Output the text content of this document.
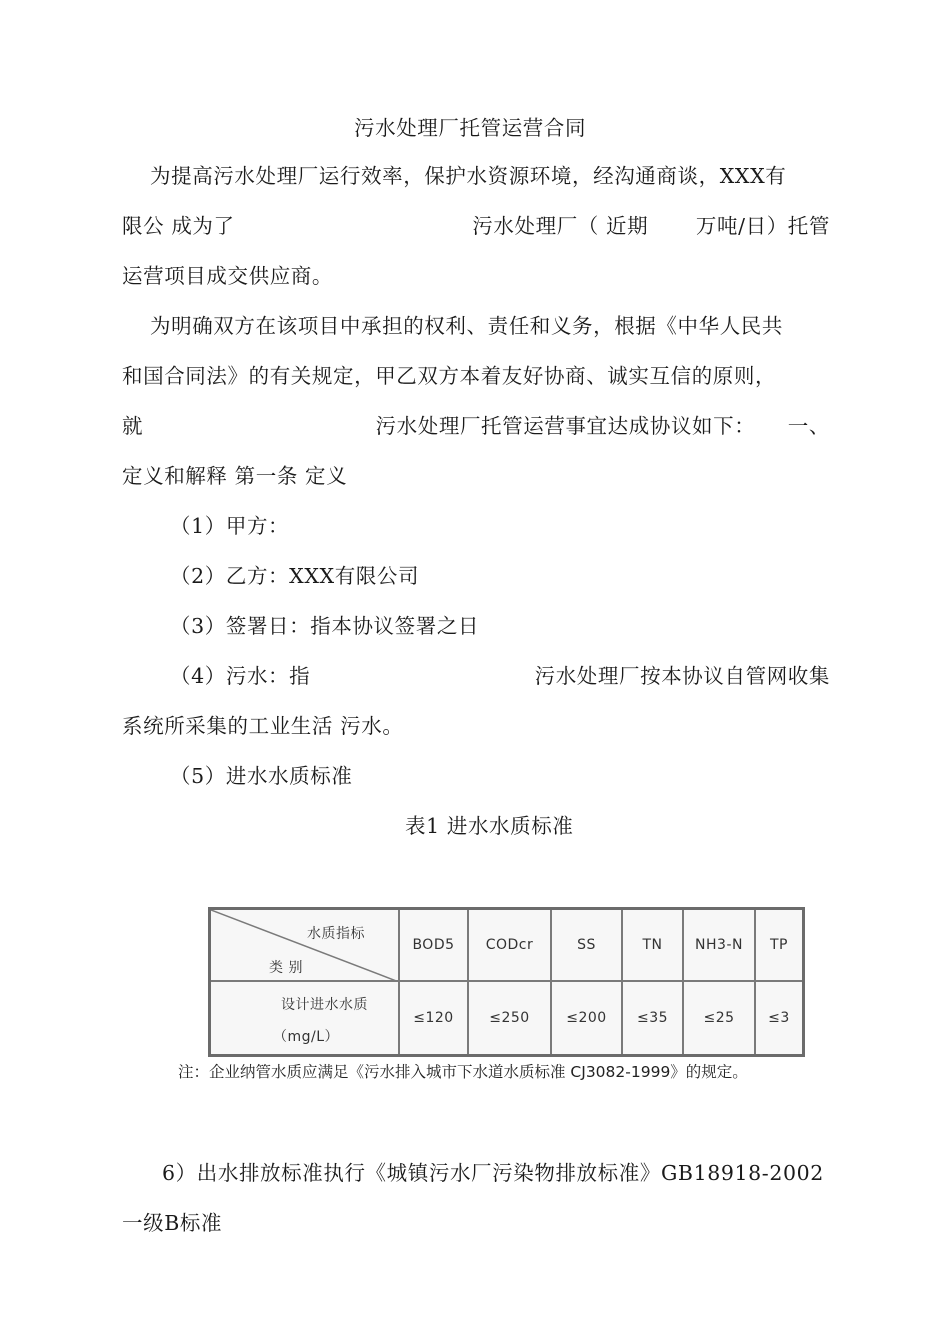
污水处理厂托管运营合同
为提高污水处理厂运行效率，保护水资源环境，经沟通商谈，XXX有
限公 成为了	污水处理厂（ 近期 万吨/日）托管
运营项目成交供应商。
为明确双方在该项目中承担的权利、责任和义务，根据《中华人民共
和国合同法》的有关规定，甲乙双方本着友好协商、诚实互信的原则，
就	污水处理厂托管运营事宜达成协议如下： 一、
定义和解释 第一条 定义
（1）甲方：
（2）乙方：XXX有限公司
（3）签署日：指本协议签署之日
（4）污水：指	污水处理厂按本协议自管网收集
系统所采集的工业生活 污水。
（5）进水水质标准
表1 进水水质标准
水质指标
类 别
BOD5	CODcr	SS	TN	NH3-N	TP
设计进水水质
（mg/L）
≤120	≤250	≤200	≤35	≤25	≤3
注：企业纳管水质应满足《污水排入城市下水道水质标准 CJ3082-1999》的规定。
6）出水排放标准执行《城镇污水厂污染物排放标准》GB18918-2002
一级B标准
